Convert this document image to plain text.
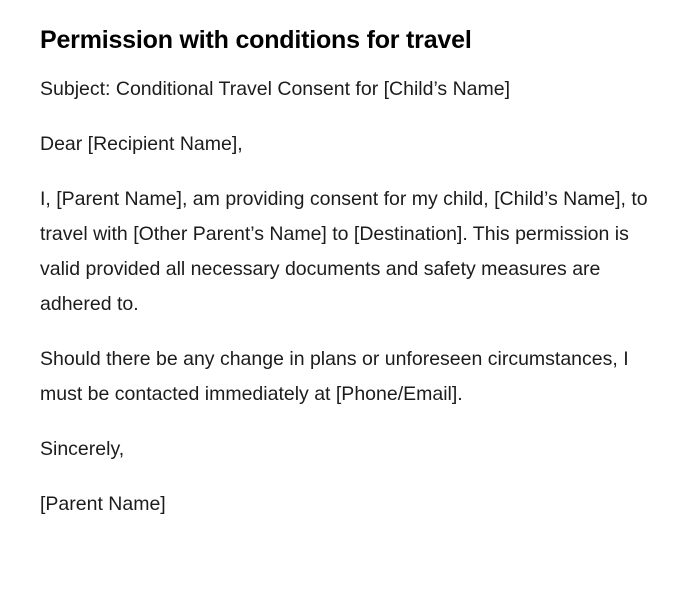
Permission with conditions for travel

Subject: Conditional Travel Consent for [Child’s Name]

Dear [Recipient Name],

I, [Parent Name], am providing consent for my child, [Child’s Name], to travel with [Other Parent’s Name] to [Destination]. This permission is valid provided all necessary documents and safety measures are adhered to.

Should there be any change in plans or unforeseen circumstances, I must be contacted immediately at [Phone/Email].

Sincerely,

[Parent Name]
